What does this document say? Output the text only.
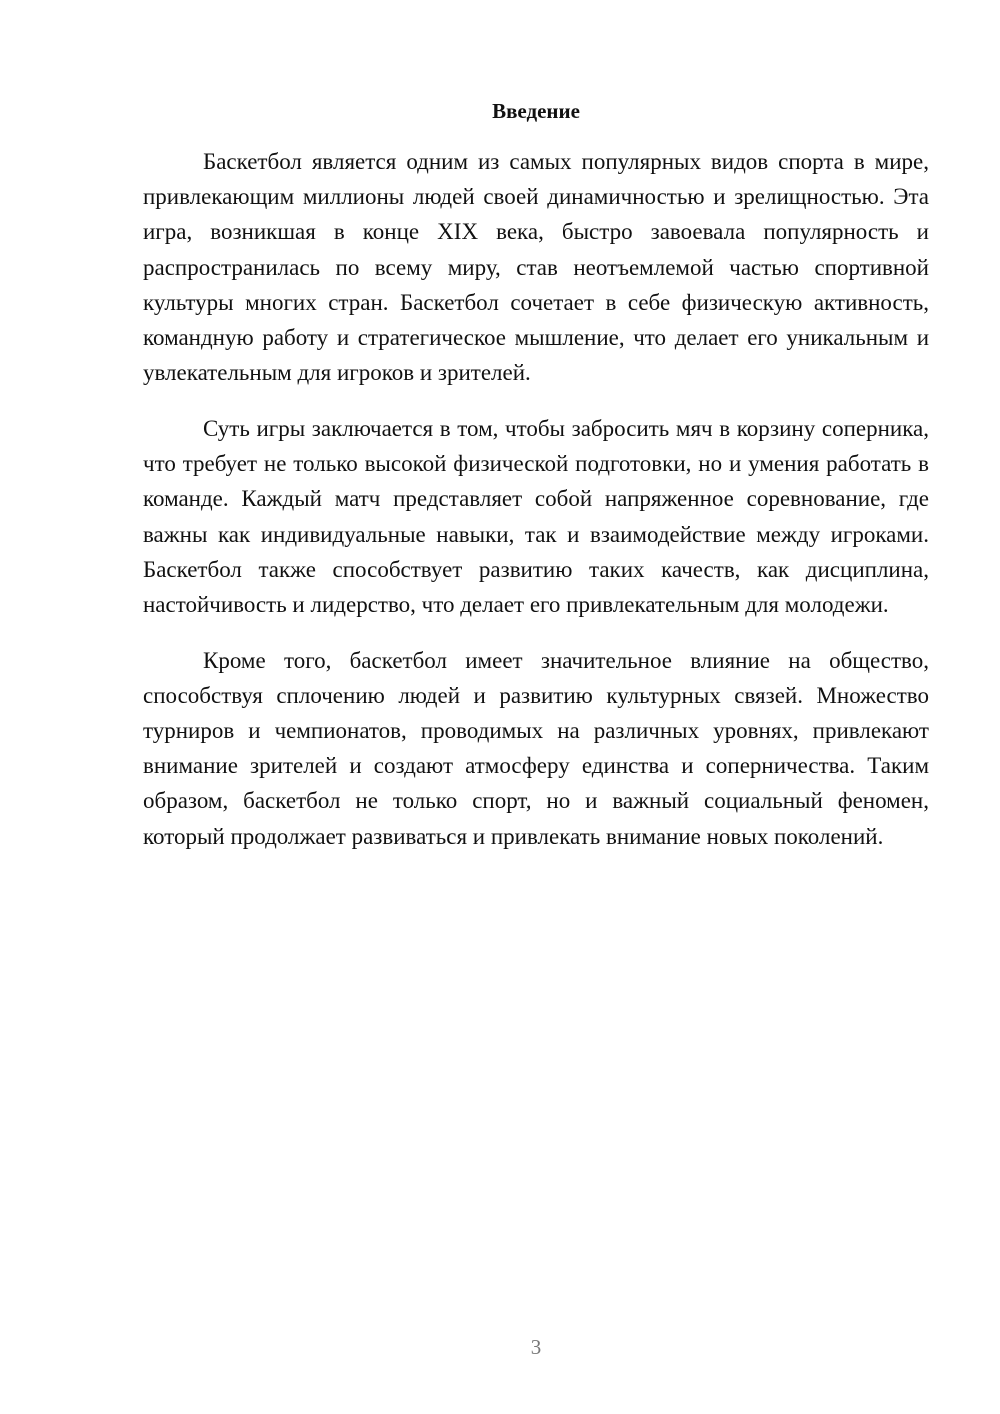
Введение

Баскетбол является одним из самых популярных видов спорта в мире, привлекающим миллионы людей своей динамичностью и зрелищностью. Эта игра, возникшая в конце XIX века, быстро завоевала популярность и распространилась по всему миру, став неотъемлемой частью спортивной культуры многих стран. Баскетбол сочетает в себе физическую активность, командную работу и стратегическое мышление, что делает его уникальным и увлекательным для игроков и зрителей.

Суть игры заключается в том, чтобы забросить мяч в корзину соперника, что требует не только высокой физической подготовки, но и умения работать в команде. Каждый матч представляет собой напряженное соревнование, где важны как индивидуальные навыки, так и взаимодействие между игроками. Баскетбол также способствует развитию таких качеств, как дисциплина, настойчивость и лидерство, что делает его привлекательным для молодежи.

Кроме того, баскетбол имеет значительное влияние на общество, способствуя сплочению людей и развитию культурных связей. Множество турниров и чемпионатов, проводимых на различных уровнях, привлекают внимание зрителей и создают атмосферу единства и соперничества. Таким образом, баскетбол не только спорт, но и важный социальный феномен, который продолжает развиваться и привлекать внимание новых поколений.

3
